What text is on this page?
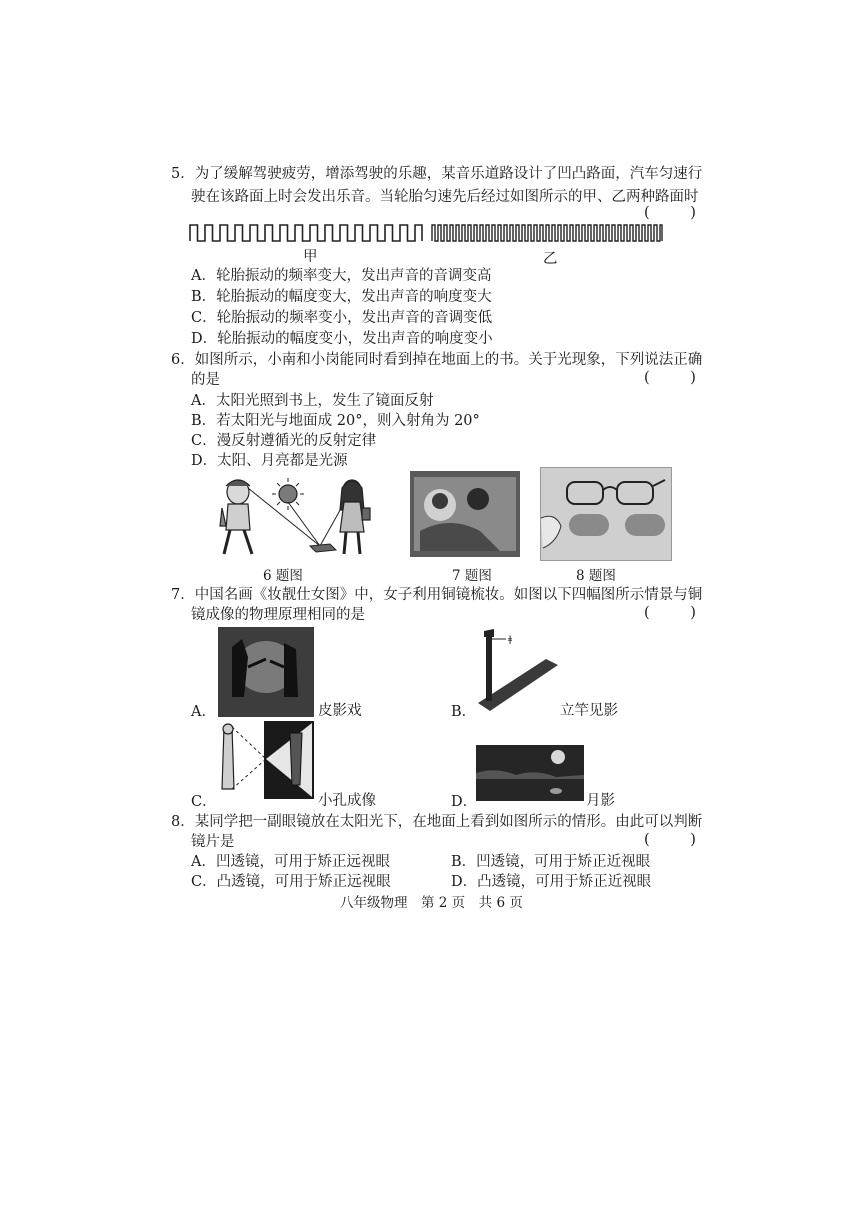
5．为了缓解驾驶疲劳，增添驾驶的乐趣，某音乐道路设计了凹凸路面，汽车匀速行
驶在该路面上时会发出乐音。当轮胎匀速先后经过如图所示的甲、乙两种路面时
( )
甲	乙
A．轮胎振动的频率变大，发出声音的音调变高
B．轮胎振动的幅度变大，发出声音的响度变大
C．轮胎振动的频率变小，发出声音的音调变低
D．轮胎振动的幅度变小，发出声音的响度变小
6．如图所示，小南和小岗能同时看到掉在地面上的书。关于光现象，下列说法正确
的是	( )
A．太阳光照到书上，发生了镜面反射
B．若太阳光与地面成 20°，则入射角为 20°
C．漫反射遵循光的反射定律
D．太阳、月亮都是光源
6 题图	7 题图	8 题图
7．中国名画《妆靓仕女图》中，女子利用铜镜梳妆。如图以下四幅图所示情景与铜
镜成像的物理原理相同的是	( )
A．	皮影戏
ǂ
B．	立竿见影
C．	小孔成像	D．	月影
8．某同学把一副眼镜放在太阳光下，在地面上看到如图所示的情形。由此可以判断
镜片是	( )
A．凹透镜，可用于矫正远视眼	B．凹透镜，可用于矫正近视眼
C．凸透镜，可用于矫正远视眼	D．凸透镜，可用于矫正近视眼
八年级物理　第 2 页　共 6 页
